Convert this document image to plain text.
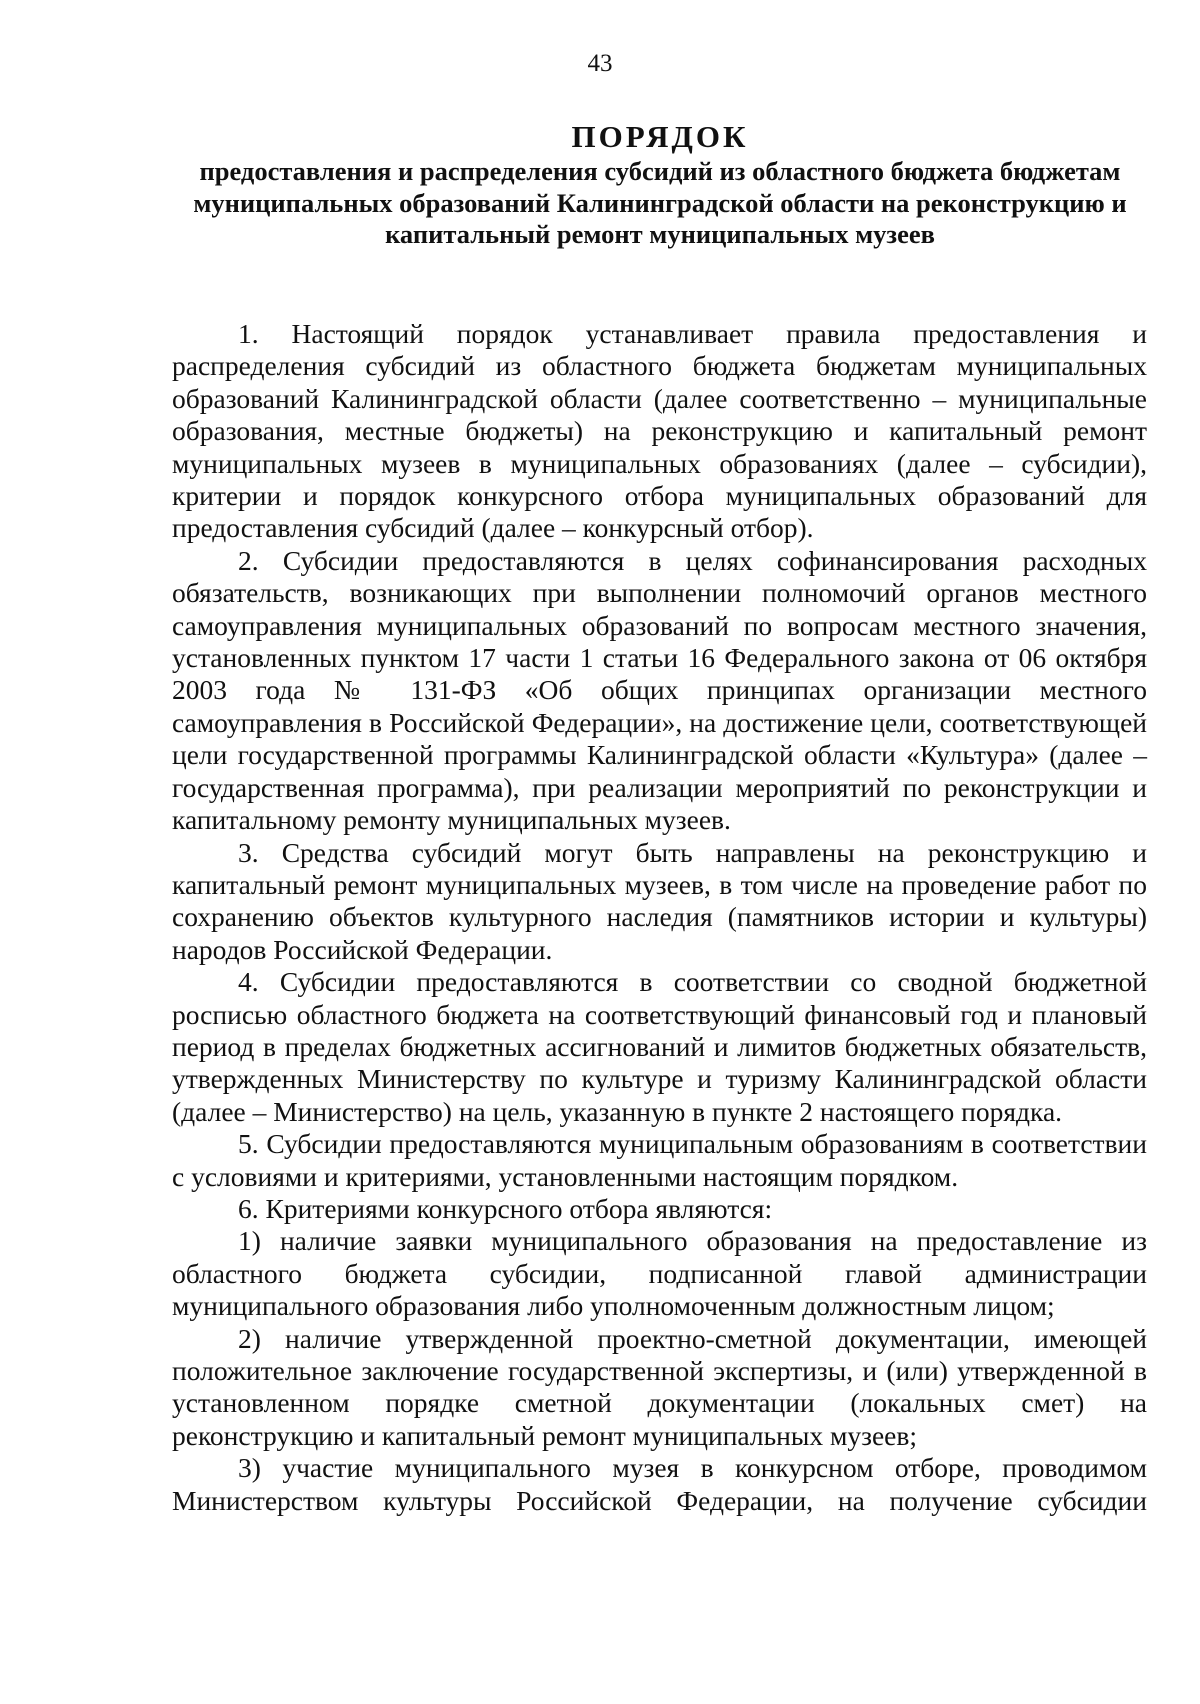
43
ПОРЯДОК
предоставления и распределения субсидий из областного бюджета бюджетам муниципальных образований Калининградской области на реконструкцию и капитальный ремонт муниципальных музеев

1. Настоящий порядок устанавливает правила предоставления и распределения субсидий из областного бюджета бюджетам муниципальных образований Калининградской области (далее соответственно – муниципальные образования, местные бюджеты) на реконструкцию и капитальный ремонт муниципальных музеев в муниципальных образованиях (далее – субсидии), критерии и порядок конкурсного отбора муниципальных образований для предоставления субсидий (далее – конкурсный отбор).

2. Субсидии предоставляются в целях софинансирования расходных обязательств, возникающих при выполнении полномочий органов местного самоуправления муниципальных образований по вопросам местного значения, установленных пунктом 17 части 1 статьи 16 Федерального закона от 06 октября 2003 года № 131-ФЗ «Об общих принципах организации местного самоуправления в Российской Федерации», на достижение цели, соответствующей цели государственной программы Калининградской области «Культура» (далее – государственная программа), при реализации мероприятий по реконструкции и капитальному ремонту муниципальных музеев.

3. Средства субсидий могут быть направлены на реконструкцию и капитальный ремонт муниципальных музеев, в том числе на проведение работ по сохранению объектов культурного наследия (памятников истории и культуры) народов Российской Федерации.

4. Субсидии предоставляются в соответствии со сводной бюджетной росписью областного бюджета на соответствующий финансовый год и плановый период в пределах бюджетных ассигнований и лимитов бюджетных обязательств, утвержденных Министерству по культуре и туризму Калининградской области (далее – Министерство) на цель, указанную в пункте 2 настоящего порядка.

5. Субсидии предоставляются муниципальным образованиям в соответствии с условиями и критериями, установленными настоящим порядком.

6. Критериями конкурсного отбора являются:

1) наличие заявки муниципального образования на предоставление из областного бюджета субсидии, подписанной главой администрации муниципального образования либо уполномоченным должностным лицом;

2) наличие утвержденной проектно-сметной документации, имеющей положительное заключение государственной экспертизы, и (или) утвержденной в установленном порядке сметной документации (локальных смет) на реконструкцию и капитальный ремонт муниципальных музеев;

3) участие муниципального музея в конкурсном отборе, проводимом Министерством культуры Российской Федерации, на получение субсидии
